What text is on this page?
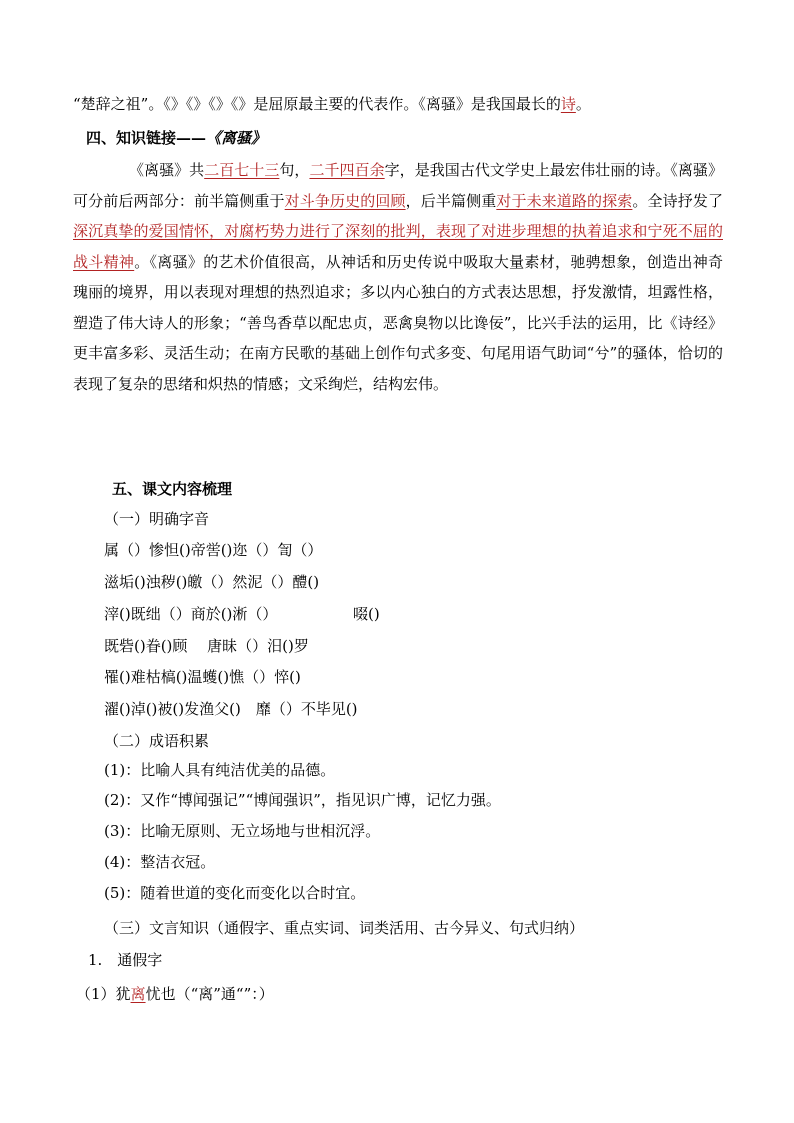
“楚辞之祖”。《》《》《》《》是屈原最主要的代表作。《离骚》是我国最长的诗。
四、知识链接——《离骚》
《离骚》共二百七十三句，二千四百余字，是我国古代文学史上最宏伟壮丽的诗。《离骚》可分前后两部分：前半篇侧重于对斗争历史的回顾，后半篇侧重对于未来道路的探索。全诗抒发了深沉真挚的爱国情怀，对腐朽势力进行了深刻的批判，表现了对进步理想的执着追求和宁死不屈的战斗精神。《离骚》的艺术价值很高，从神话和历史传说中吸取大量素材，驰骋想象，创造出神奇瑰丽的境界，用以表现对理想的热烈追求；多以内心独白的方式表达思想，抒发激情，坦露性格，塑造了伟大诗人的形象；“善鸟香草以配忠贞，恶禽臭物以比谗佞”，比兴手法的运用，比《诗经》更丰富多彩、灵活生动；在南方民歌的基础上创作句式多变、句尾用语气助词“兮”的骚体，恰切的表现了复杂的思绪和炽热的情感；文采绚烂，结构宏伟。
五、课文内容梳理
（一）明确字音
属（）惨怛()帝喾()迩（）訇（）
滋垢()浊秽()皦（）然泥（）醴()
滓()既绌（）商於()淅（）	啜()
既砦()眷()顾　 唐昧（）汨()罗
罹()难枯槁()温蠖()憔（）悴()
濯()淖()被()发渔父()　靡（）不毕见()
（二）成语积累
(1)：比喻人具有纯洁优美的品德。
(2)：又作“博闻强记”“博闻强识”，指见识广博，记忆力强。
(3)：比喻无原则、无立场地与世相沉浮。
(4)：整洁衣冠。
(5)：随着世道的变化而变化以合时宜。
（三）文言知识（通假字、重点实词、词类活用、古今异义、句式归纳）
1.　通假字
（1）犹离忧也（“离”通“”：）
